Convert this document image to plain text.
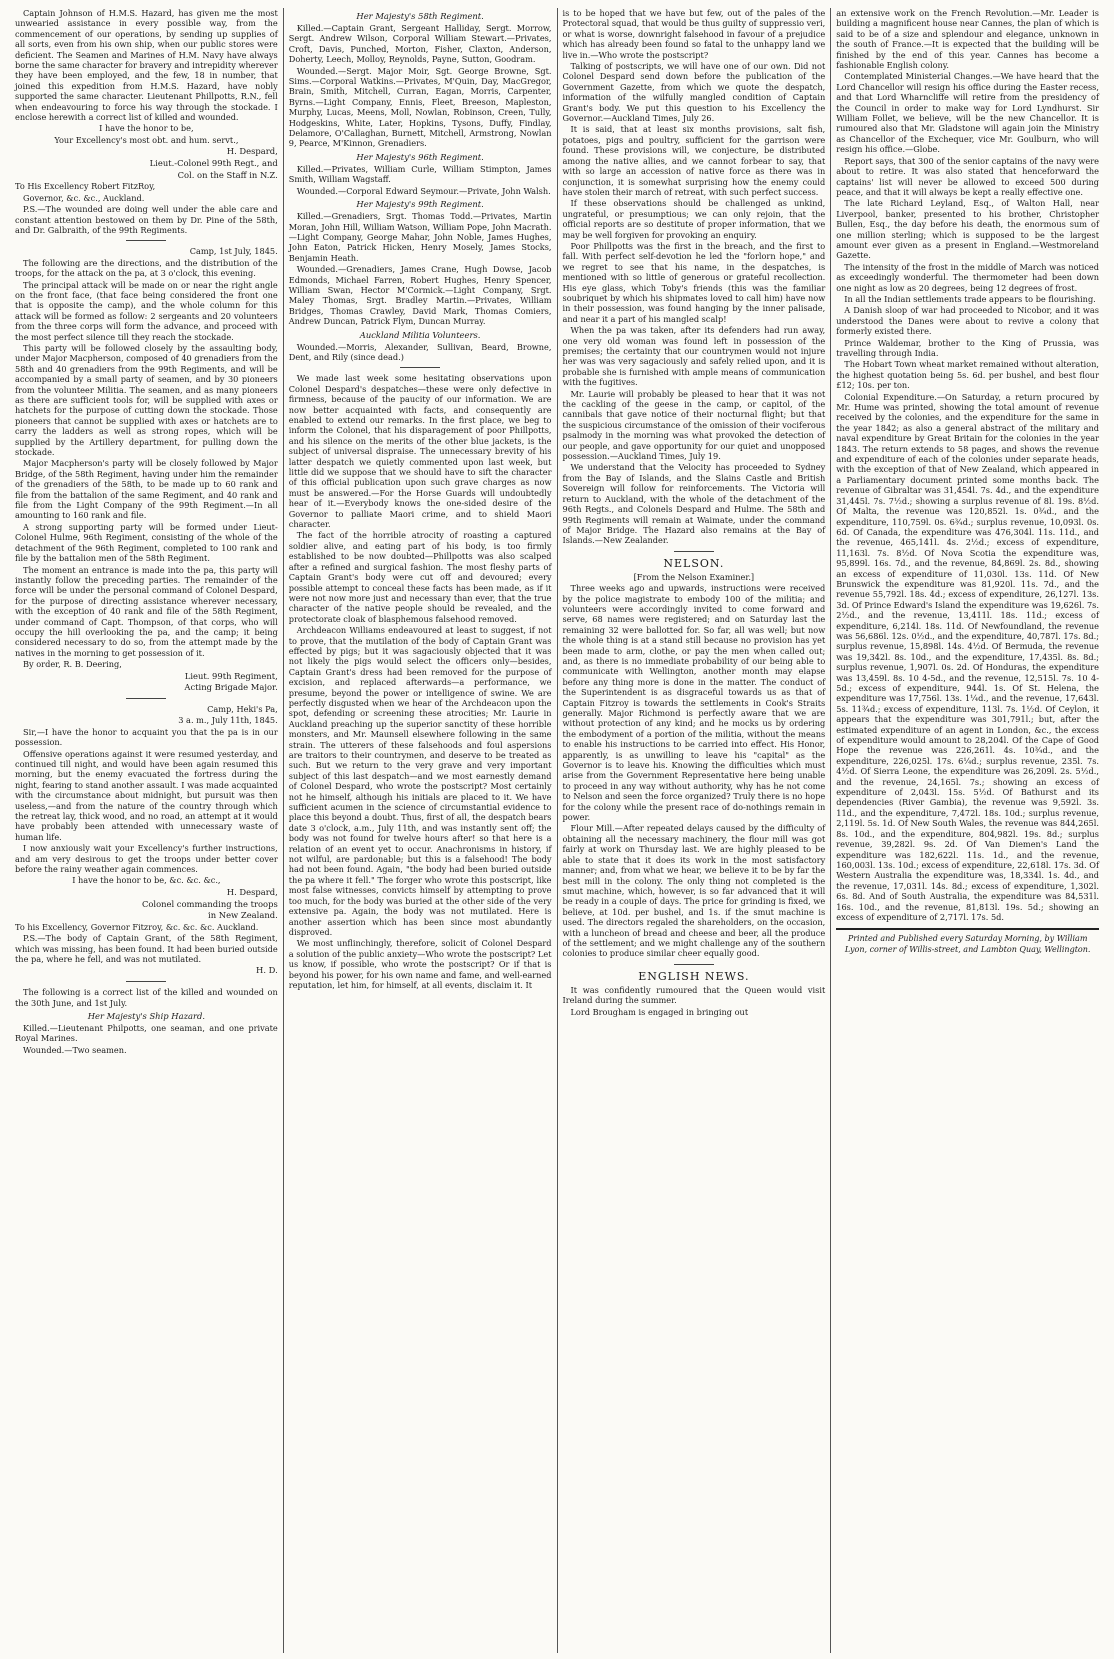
Captain Johnson of H.M.S. Hazard, has given me the most unwearied assistance in every possible way, from the commencement of our operations, by sending up supplies of all sorts, even from his own ship, when our public stores were deficient. The Seamen and Marines of H.M. Navy have always borne the same character for bravery and intrepidity wherever they have been employed, and the few, 18 in number, that joined this expedition from H.M.S. Hazard, have nobly supported the same character. Lieutenant Phillpotts, R.N., fell when endeavouring to force his way through the stockade. I enclose herewith a correct list of killed and wounded.

I have the honor to be,

Your Excellency's most obt. and hum. servt.,

H. Despard,

Lieut.-Colonel 99th Regt., and

Col. on the Staff in N.Z.

To His Excellency Robert FitzRoy,

Governor, &c. &c., Auckland.

P.S.—The wounded are doing well under the able care and constant attention bestowed on them by Dr. Pine of the 58th, and Dr. Galbraith, of the 99th Regiments.

Camp, 1st July, 1845.

The following are the directions, and the distribution of the troops, for the attack on the pa, at 3 o'clock, this evening.

The principal attack will be made on or near the right angle on the front face, (that face being considered the front one that is opposite the camp), and the whole column for this attack will be formed as follow: 2 sergeants and 20 volunteers from the three corps will form the advance, and proceed with the most perfect silence till they reach the stockade.

This party will be followed closely by the assaulting body, under Major Macpherson, composed of 40 grenadiers from the 58th and 40 grenadiers from the 99th Regiments, and will be accompanied by a small party of seamen, and by 30 pioneers from the volunteer Militia. The seamen, and as many pioneers as there are sufficient tools for, will be supplied with axes or hatchets for the purpose of cutting down the stockade. Those pioneers that cannot be supplied with axes or hatchets are to carry the ladders as well as strong ropes, which will be supplied by the Artillery department, for pulling down the stockade.

Major Macpherson's party will be closely followed by Major Bridge, of the 58th Regiment, having under him the remainder of the grenadiers of the 58th, to be made up to 60 rank and file from the battalion of the same Regiment, and 40 rank and file from the Light Company of the 99th Regiment.—In all amounting to 160 rank and file.

A strong supporting party will be formed under Lieut-Colonel Hulme, 96th Regiment, consisting of the whole of the detachment of the 96th Regiment, completed to 100 rank and file by the battalion men of the 58th Regiment.

The moment an entrance is made into the pa, this party will instantly follow the preceding parties. The remainder of the force will be under the personal command of Colonel Despard, for the purpose of directing assistance wherever necessary, with the exception of 40 rank and file of the 58th Regiment, under command of Capt. Thompson, of that corps, who will occupy the hill overlooking the pa, and the camp; it being considered necessary to do so, from the attempt made by the natives in the morning to get possession of it.

By order, R. B. Deering,

Lieut. 99th Regiment,

Acting Brigade Major.

Camp, Heki's Pa,

3 a. m., July 11th, 1845.

Sir,—I have the honor to acquaint you that the pa is in our possession.

Offensive operations against it were resumed yesterday, and continued till night, and would have been again resumed this morning, but the enemy evacuated the fortress during the night, fearing to stand another assault. I was made acquainted with the circumstance about midnight, but pursuit was then useless,—and from the nature of the country through which the retreat lay, thick wood, and no road, an attempt at it would have probably been attended with unnecessary waste of human life.

I now anxiously wait your Excellency's further instructions, and am very desirous to get the troops under better cover before the rainy weather again commences.

I have the honor to be, &c. &c. &c.,

H. Despard,

Colonel commanding the troops

in New Zealand.

To his Excellency, Governor Fitzroy, &c. &c. &c. Auckland.

P.S.—The body of Captain Grant, of the 58th Regiment, which was missing, has been found. It had been buried outside the pa, where he fell, and was not mutilated.

H. D.

The following is a correct list of the killed and wounded on the 30th June, and 1st July.

Her Majesty's Ship Hazard.

Killed.—Lieutenant Philpotts, one seaman, and one private Royal Marines.

Wounded.—Two seamen.

Her Majesty's 58th Regiment.

Killed.—Captain Grant, Sergeant Halliday, Sergt. Morrow, Sergt. Andrew Wilson, Corporal William Stewart.—Privates, Croft, Davis, Punched, Morton, Fisher, Claxton, Anderson, Doherty, Leech, Molloy, Reynolds, Payne, Sutton, Goodram.

Wounded.—Sergt. Major Moir, Sgt. George Browne, Sgt. Sims.—Corporal Watkins.—Privates, M'Quin, Day, MacGregor, Brain, Smith, Mitchell, Curran, Eagan, Morris, Carpenter, Byrns.—Light Company, Ennis, Fleet, Breeson, Mapleston, Murphy, Lucas, Meens, Moll, Nowlan, Robinson, Creen, Tully, Hodgeskins, White, Later, Hopkins, Tysons, Duffy, Findlay, Delamore, O'Callaghan, Burnett, Mitchell, Armstrong, Nowlan 9, Pearce, M'Kinnon, Grenadiers.

Her Majesty's 96th Regiment.

Killed.—Privates, William Curle, William Stimpton, James Smith, William Wagstaff.

Wounded.—Corporal Edward Seymour.—Private, John Walsh.

Her Majesty's 99th Regiment.

Killed.—Grenadiers, Srgt. Thomas Todd.—Privates, Martin Moran, John Hill, William Watson, William Pope, John Macrath.—Light Company, George Mahar, John Noble, James Hughes, John Eaton, Patrick Hicken, Henry Mosely, James Stocks, Benjamin Heath.

Wounded.—Grenadiers, James Crane, Hugh Dowse, Jacob Edmonds, Michael Farren, Robert Hughes, Henry Spencer, William Swan, Hector M'Cormick.—Light Company, Srgt. Maley Thomas, Srgt. Bradley Martin.—Privates, William Bridges, Thomas Crawley, David Mark, Thomas Comiers, Andrew Duncan, Patrick Flym, Duncan Murray.

Auckland Militia Volunteers.

Wounded.—Morris, Alexander, Sullivan, Beard, Browne, Dent, and Rily (since dead.)

We made last week some hesitating observations upon Colonel Despard's despatches—these were only defective in firmness, because of the paucity of our information. We are now better acquainted with facts, and consequently are enabled to extend our remarks. In the first place, we beg to inform the Colonel, that his disparagement of poor Phillpotts, and his silence on the merits of the other blue jackets, is the subject of universal dispraise. The unnecessary brevity of his latter despatch we quietly commented upon last week, but little did we suppose that we should have to sift the character of this official publication upon such grave charges as now must be answered.—For the Horse Guards will undoubtedly hear of it.—Everybody knows the one-sided desire of the Governor to palliate Maori crime, and to shield Maori character.

The fact of the horrible atrocity of roasting a captured soldier alive, and eating part of his body, is too firmly established to be now doubted—Phillpotts was also scalped after a refined and surgical fashion. The most fleshy parts of Captain Grant's body were cut off and devoured; every possible attempt to conceal these facts has been made, as if it were not now more just and necessary than ever, that the true character of the native people should be revealed, and the protectorate cloak of blasphemous falsehood removed.

Archdeacon Williams endeavoured at least to suggest, if not to prove, that the mutilation of the body of Captain Grant was effected by pigs; but it was sagaciously objected that it was not likely the pigs would select the officers only—besides, Captain Grant's dress had been removed for the purpose of excision, and replaced afterwards—a performance, we presume, beyond the power or intelligence of swine. We are perfectly disgusted when we hear of the Archdeacon upon the spot, defending or screening these atrocities; Mr. Laurie in Auckland preaching up the superior sanctity of these horrible monsters, and Mr. Maunsell elsewhere following in the same strain. The utterers of these falsehoods and foul aspersions are traitors to their countrymen, and deserve to be treated as such. But we return to the very grave and very important subject of this last despatch—and we most earnestly demand of Colonel Despard, who wrote the postscript? Most certainly not he himself, although his initials are placed to it. We have sufficient acumen in the science of circumstantial evidence to place this beyond a doubt. Thus, first of all, the despatch bears date 3 o'clock, a.m., July 11th, and was instantly sent off; the body was not found for twelve hours after! so that here is a relation of an event yet to occur. Anachronisms in history, if not wilful, are pardonable; but this is a falsehood! The body had not been found. Again, "the body had been buried outside the pa where it fell." The forger who wrote this postscript, like most false witnesses, convicts himself by attempting to prove too much, for the body was buried at the other side of the very extensive pa. Again, the body was not mutilated. Here is another assertion which has been since most abundantly disproved.

We most unflinchingly, therefore, solicit of Colonel Despard a solution of the public anxiety—Who wrote the postscript? Let us know, if possible, who wrote the postscript? Or if that is beyond his power, for his own name and fame, and well-earned reputation, let him, for himself, at all events, disclaim it. It

is to be hoped that we have but few, out of the pales of the Protectoral squad, that would be thus guilty of suppressio veri, or what is worse, downright falsehood in favour of a prejudice which has already been found so fatal to the unhappy land we live in.—Who wrote the postscript?

Talking of postscripts, we will have one of our own. Did not Colonel Despard send down before the publication of the Government Gazette, from which we quote the despatch, information of the wilfully mangled condition of Captain Grant's body. We put this question to his Excellency the Governor.—Auckland Times, July 26.

It is said, that at least six months provisions, salt fish, potatoes, pigs and poultry, sufficient for the garrison were found. These provisions will, we conjecture, be distributed among the native allies, and we cannot forbear to say, that with so large an accession of native force as there was in conjunction, it is somewhat surprising how the enemy could have stolen their march of retreat, with such perfect success.

If these observations should be challenged as unkind, ungrateful, or presumptious; we can only rejoin, that the official reports are so destitute of proper information, that we may be well forgiven for provoking an enquiry.

Poor Phillpotts was the first in the breach, and the first to fall. With perfect self-devotion he led the "forlorn hope," and we regret to see that his name, in the despatches, is mentioned with so little of generous or grateful recollection. His eye glass, which Toby's friends (this was the familiar soubriquet by which his shipmates loved to call him) have now in their possession, was found hanging by the inner palisade, and near it a part of his mangled scalp!

When the pa was taken, after its defenders had run away, one very old woman was found left in possession of the premises; the certainty that our countrymen would not injure her was was very sagaciously and safely relied upon, and it is probable she is furnished with ample means of communication with the fugitives.

Mr. Laurie will probably be pleased to hear that it was not the cackling of the geese in the camp, or capitol, of the cannibals that gave notice of their nocturnal flight; but that the suspicious circumstance of the omission of their vociferous psalmody in the morning was what provoked the detection of our people, and gave opportunity for our quiet and unopposed possession.—Auckland Times, July 19.

We understand that the Velocity has proceeded to Sydney from the Bay of Islands, and the Slains Castle and British Sovereign will follow for reinforcements. The Victoria will return to Auckland, with the whole of the detachment of the 96th Regts., and Colonels Despard and Hulme. The 58th and 99th Regiments will remain at Waimate, under the command of Major Bridge. The Hazard also remains at the Bay of Islands.—New Zealander.

NELSON.

[From the Nelson Examiner.]

Three weeks ago and upwards, instructions were received by the police magistrate to embody 100 of the militia; and volunteers were accordingly invited to come forward and serve, 68 names were registered; and on Saturday last the remaining 32 were ballotted for. So far, all was well; but now the whole thing is at a stand still because no provision has yet been made to arm, clothe, or pay the men when called out; and, as there is no immediate probability of our being able to communicate with Wellington, another month may elapse before any thing more is done in the matter. The conduct of the Superintendent is as disgraceful towards us as that of Captain Fitzroy is towards the settlements in Cook's Straits generally. Major Richmond is perfectly aware that we are without protection of any kind; and he mocks us by ordering the embodyment of a portion of the militia, without the means to enable his instructions to be carried into effect. His Honor, apparently, is as unwilling to leave his "capital" as the Governor is to leave his. Knowing the difficulties which must arise from the Government Representative here being unable to proceed in any way without authority, why has he not come to Nelson and seen the force organized? Truly there is no hope for the colony while the present race of do-nothings remain in power.

Flour Mill.—After repeated delays caused by the difficulty of obtaining all the necessary machinery, the flour mill was got fairly at work on Thursday last. We are highly pleased to be able to state that it does its work in the most satisfactory manner; and, from what we hear, we believe it to be by far the best mill in the colony. The only thing not completed is the smut machine, which, however, is so far advanced that it will be ready in a couple of days. The price for grinding is fixed, we believe, at 10d. per bushel, and 1s. if the smut machine is used. The directors regaled the shareholders, on the occasion, with a luncheon of bread and cheese and beer, all the produce of the settlement; and we might challenge any of the southern colonies to produce similar cheer equally good.

ENGLISH NEWS.

It was confidently rumoured that the Queen would visit Ireland during the summer.

Lord Brougham is engaged in bringing out

an extensive work on the French Revolution.—Mr. Leader is building a magnificent house near Cannes, the plan of which is said to be of a size and splendour and elegance, unknown in the south of France.—It is expected that the building will be finished by the end of this year. Cannes has become a fashionable English colony.

Contemplated Ministerial Changes.—We have heard that the Lord Chancellor will resign his office during the Easter recess, and that Lord Wharncliffe will retire from the presidency of the Council in order to make way for Lord Lyndhurst. Sir William Follet, we believe, will be the new Chancellor. It is rumoured also that Mr. Gladstone will again join the Ministry as Chancellor of the Exchequer, vice Mr. Goulburn, who will resign his office.—Globe.

Report says, that 300 of the senior captains of the navy were about to retire. It was also stated that henceforward the captains' list will never be allowed to exceed 500 during peace, and that it will always be kept a really effective one.

The late Richard Leyland, Esq., of Walton Hall, near Liverpool, banker, presented to his brother, Christopher Bullen, Esq., the day before his death, the enormous sum of one million sterling; which is supposed to be the largest amount ever given as a present in England.—Westmoreland Gazette.

The intensity of the frost in the middle of March was noticed as exceedingly wonderful. The thermometer had been down one night as low as 20 degrees, being 12 degrees of frost.

In all the Indian settlements trade appears to be flourishing.

A Danish sloop of war had proceeded to Nicobor, and it was understood the Danes were about to revive a colony that formerly existed there.

Prince Waldemar, brother to the King of Prussia, was travelling through India.

The Hobart Town wheat market remained without alteration, the highest quotation being 5s. 6d. per bushel, and best flour £12; 10s. per ton.

Colonial Expenditure.—On Saturday, a return procured by Mr. Hume was printed, showing the total amount of revenue received by the colonies, and the expenditure for the same in the year 1842; as also a general abstract of the military and naval expenditure by Great Britain for the colonies in the year 1843. The return extends to 58 pages, and shows the revenue and expenditure of each of the colonies under separate heads, with the exception of that of New Zealand, which appeared in a Parliamentary document printed some months back. The revenue of Gibraltar was 31,454l. 7s. 4d., and the expenditure 31,445l. 7s. 7½d.; showing a surplus revenue of 8l. 19s. 8½d. Of Malta, the revenue was 120,852l. 1s. 0¾d., and the expenditure, 110,759l. 0s. 6¾d.; surplus revenue, 10,093l. 0s. 6d. Of Canada, the expenditure was 476,304l. 11s. 11d., and the revenue, 465,141l. 4s. 2½d.; excess of expenditure, 11,163l. 7s. 8½d. Of Nova Scotia the expenditure was, 95,899l. 16s. 7d., and the revenue, 84,869l. 2s. 8d., showing an excess of expenditure of 11,030l. 13s. 11d. Of New Brunswick the expenditure was 81,920l. 11s. 7d., and the revenue 55,792l. 18s. 4d.; excess of expenditure, 26,127l. 13s. 3d. Of Prince Edward's Island the expenditure was 19,626l. 7s. 2½d., and the revenue, 13,411l. 18s. 11d.; excess of expenditure, 6,214l. 18s. 11d. Of Newfoundland, the revenue was 56,686l. 12s. 0½d., and the expenditure, 40,787l. 17s. 8d.; surplus revenue, 15,898l. 14s. 4½d. Of Bermuda, the revenue was 19,342l. 8s. 10d., and the expenditure, 17,435l. 8s. 8d.; surplus revenue, 1,907l. 0s. 2d. Of Honduras, the expenditure was 13,459l. 8s. 10 4-5d., and the revenue, 12,515l. 7s. 10 4-5d.; excess of expenditure, 944l. 1s. Of St. Helena, the expenditure was 17,756l. 13s. 1¼d., and the revenue, 17,643l. 5s. 11¾d.; excess of expenditure, 113l. 7s. 1½d. Of Ceylon, it appears that the expenditure was 301,791l.; but, after the estimated expenditure of an agent in London, &c., the excess of expenditure would amount to 28,204l. Of the Cape of Good Hope the revenue was 226,261l. 4s. 10¾d., and the expenditure, 226,025l. 17s. 6¼d.; surplus revenue, 235l. 7s. 4½d. Of Sierra Leone, the expenditure was 26,209l. 2s. 5½d., and the revenue, 24,165l. 7s.; showing an excess of expenditure of 2,043l. 15s. 5½d. Of Bathurst and its dependencies (River Gambia), the revenue was 9,592l. 3s. 11d., and the expenditure, 7,472l. 18s. 10d.; surplus revenue, 2,119l. 5s. 1d. Of New South Wales, the revenue was 844,265l. 8s. 10d., and the expenditure, 804,982l. 19s. 8d.; surplus revenue, 39,282l. 9s. 2d. Of Van Diemen's Land the expenditure was 182,622l. 11s. 1d., and the revenue, 160,003l. 13s. 10d.; excess of expenditure, 22,618l. 17s. 3d. Of Western Australia the expenditure was, 18,334l. 1s. 4d., and the revenue, 17,031l. 14s. 8d.; excess of expenditure, 1,302l. 6s. 8d. And of South Australia, the expenditure was 84,531l. 16s. 10d., and the revenue, 81,813l. 19s. 5d.; showing an excess of expenditure of 2,717l. 17s. 5d.

Printed and Published every Saturday Morning, by William Lyon, corner of Willis-street, and Lambton Quay, Wellington.
